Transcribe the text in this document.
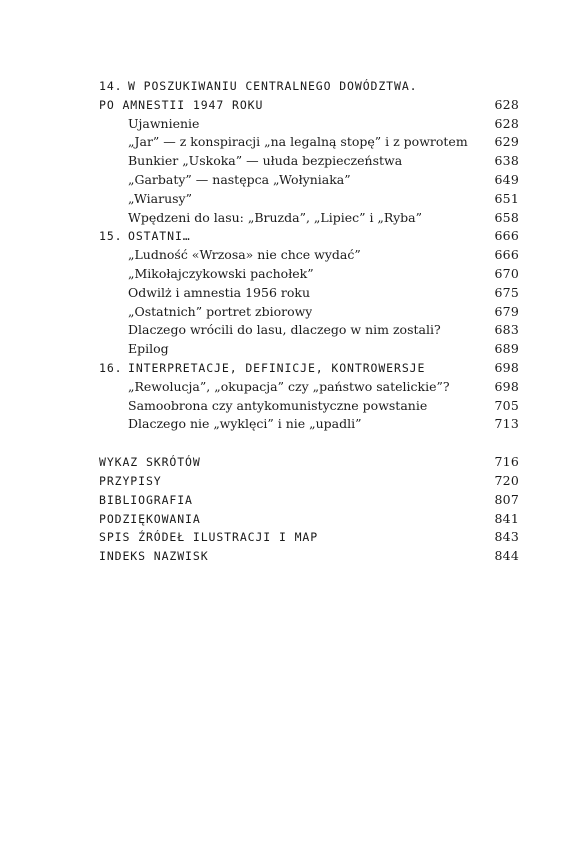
14. W POSZUKIWANIU CENTRALNEGO DOWÓDZTWA.
PO AMNESTII 1947 ROKU	628
Ujawnienie	628
„Jar” — z konspiracji „na legalną stopę” i z powrotem 629
Bunkier „Uskoka” — ułuda bezpieczeństwa	638
„Garbaty” — następca „Wołyniaka”	649
„Wiarusy”	651
Wpędzeni do lasu: „Bruzda”, „Lipiec” i „Ryba”	658
15. OSTATNI…	666
„Ludność «Wrzosa» nie chce wydać”	666
„Mikołajczykowski pachołek”	670
Odwilż i amnestia 1956 roku	675
„Ostatnich” portret zbiorowy	679
Dlaczego wrócili do lasu, dlaczego w nim zostali?	683
Epilog	689
16. INTERPRETACJE, DEFINICJE, KONTROWERSJE	698
„Rewolucja”, „okupacja” czy „państwo satelickie”?	698
Samoobrona czy antykomunistyczne powstanie	705
Dlaczego nie „wyklęci” i nie „upadli”	713
WYKAZ SKRÓTÓW	716
PRZYPISY	720
BIBLIOGRAFIA	807
PODZIĘKOWANIA	841
SPIS ŹRÓDEŁ ILUSTRACJI I MAP	843
INDEKS NAZWISK	844
